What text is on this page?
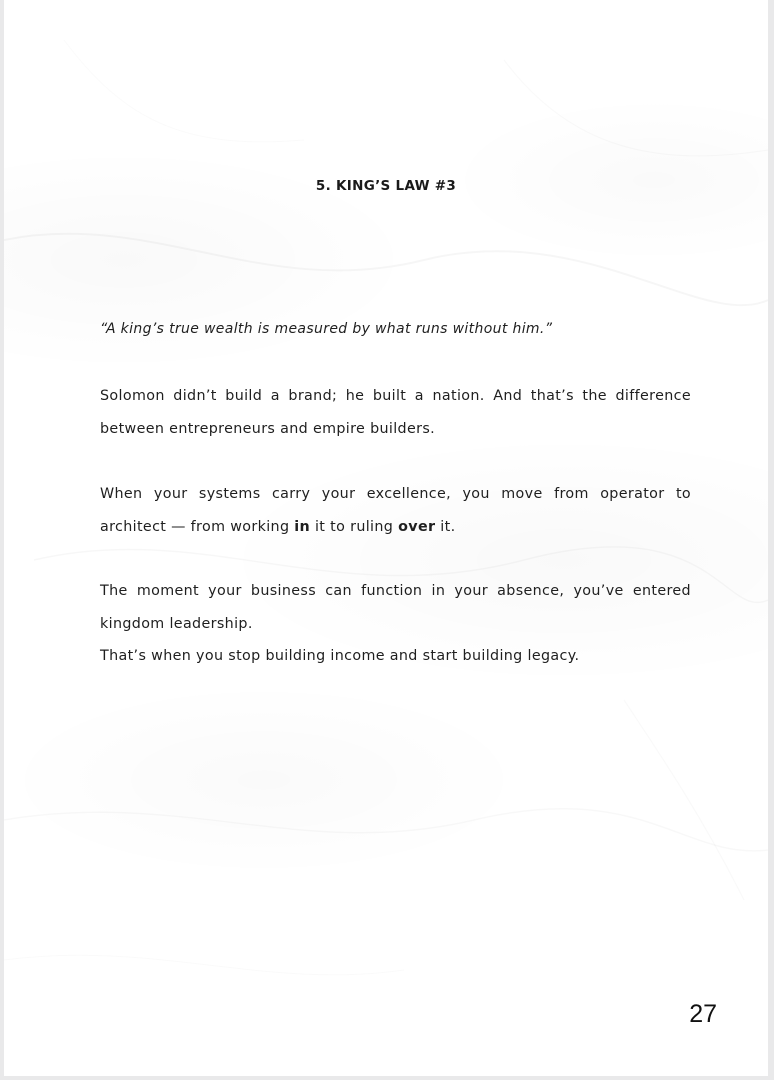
5. KING’S LAW #3
“A king’s true wealth is measured by what runs without him.”
Solomon didn’t build a brand; he built a nation. And that’s the difference
between entrepreneurs and empire builders.
When your systems carry your excellence, you move from operator to
architect — from working in it to ruling over it.
The moment your business can function in your absence, you’ve entered
kingdom leadership.
That’s when you stop building income and start building legacy.
27
